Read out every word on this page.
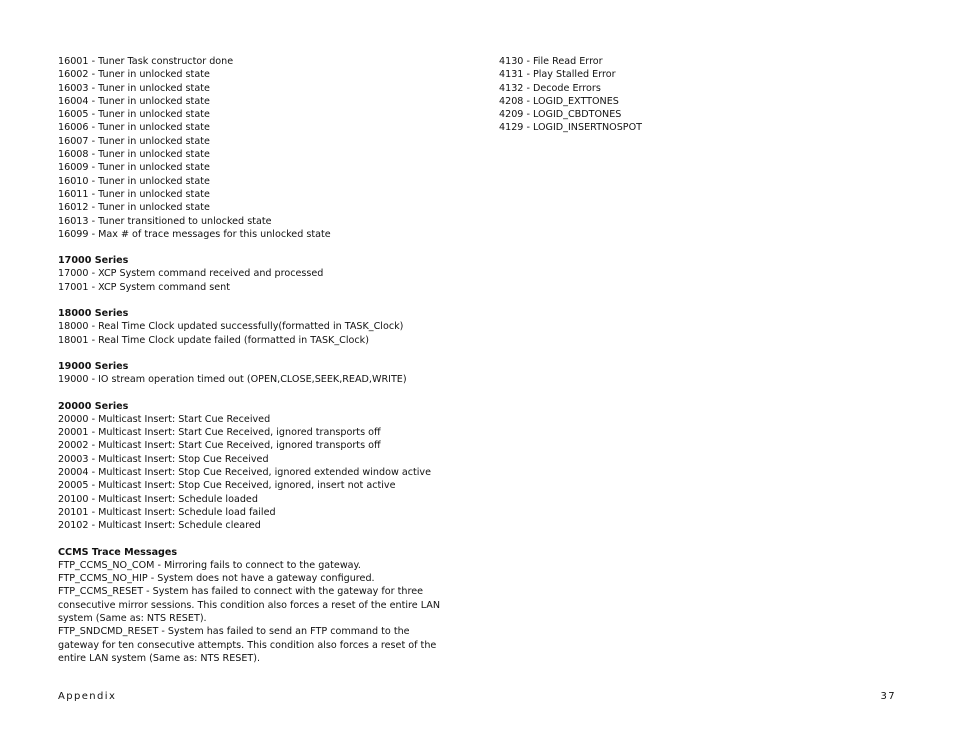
16001 - Tuner Task constructor done
16002 - Tuner in unlocked state
16003 - Tuner in unlocked state
16004 - Tuner in unlocked state
16005 - Tuner in unlocked state
16006 - Tuner in unlocked state
16007 - Tuner in unlocked state
16008 - Tuner in unlocked state
16009 - Tuner in unlocked state
16010 - Tuner in unlocked state
16011 - Tuner in unlocked state
16012 - Tuner in unlocked state
16013 - Tuner transitioned to unlocked state
16099 - Max # of trace messages for this unlocked state
17000 Series
17000 - XCP System command received and processed
17001 - XCP System command sent
18000 Series
18000 - Real Time Clock updated successfully(formatted in TASK_Clock)
18001 - Real Time Clock update failed (formatted in TASK_Clock)
19000 Series
19000 - IO stream operation timed out (OPEN,CLOSE,SEEK,READ,WRITE)
20000 Series
20000 - Multicast Insert: Start Cue Received
20001 - Multicast Insert: Start Cue Received, ignored transports off
20002 - Multicast Insert: Start Cue Received, ignored transports off
20003 - Multicast Insert: Stop Cue Received
20004 - Multicast Insert: Stop Cue Received, ignored extended window active
20005 - Multicast Insert: Stop Cue Received, ignored, insert not active
20100 - Multicast Insert: Schedule loaded
20101 - Multicast Insert: Schedule load failed
20102 - Multicast Insert: Schedule cleared
CCMS Trace Messages
FTP_CCMS_NO_COM - Mirroring fails to connect to the gateway.
FTP_CCMS_NO_HIP - System does not have a gateway configured.
FTP_CCMS_RESET - System has failed to connect with the gateway for three
consecutive mirror sessions. This condition also forces a reset of the entire LAN
system (Same as: NTS RESET).
FTP_SNDCMD_RESET - System has failed to send an FTP command to the
gateway for ten consecutive attempts. This condition also forces a reset of the
entire LAN system (Same as: NTS RESET).
4130 - File Read Error
4131 - Play Stalled Error
4132 - Decode Errors
4208 - LOGID_EXTTONES
4209 - LOGID_CBDTONES
4129 - LOGID_INSERTNOSPOT
Appendix	37
